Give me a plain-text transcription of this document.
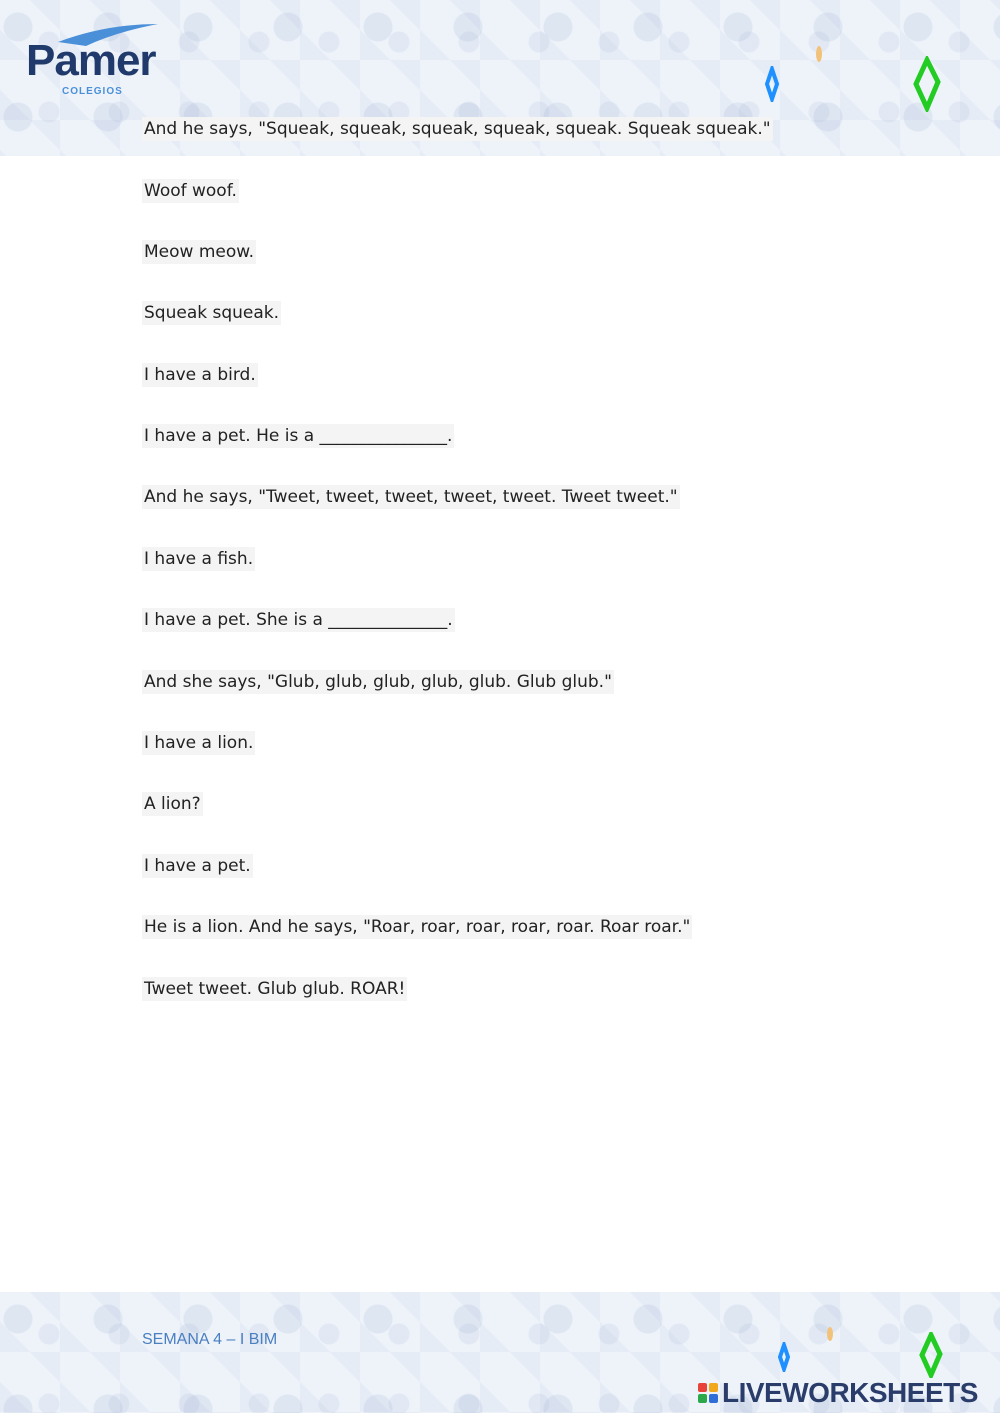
Pamer
COLEGIOS
And he says, "Squeak, squeak, squeak, squeak, squeak. Squeak squeak."
Woof woof.
Meow meow.
Squeak squeak.
I have a bird.
I have a pet. He is a _______________.
And he says, "Tweet, tweet, tweet, tweet, tweet. Tweet tweet."
I have a fish.
I have a pet. She is a ______________.
And she says, "Glub, glub, glub, glub, glub. Glub glub."
I have a lion.
A lion?
I have a pet.
He is a lion. And he says, "Roar, roar, roar, roar, roar. Roar roar."
Tweet tweet. Glub glub. ROAR!
SEMANA 4 – I BIM
LIVEWORKSHEETS
